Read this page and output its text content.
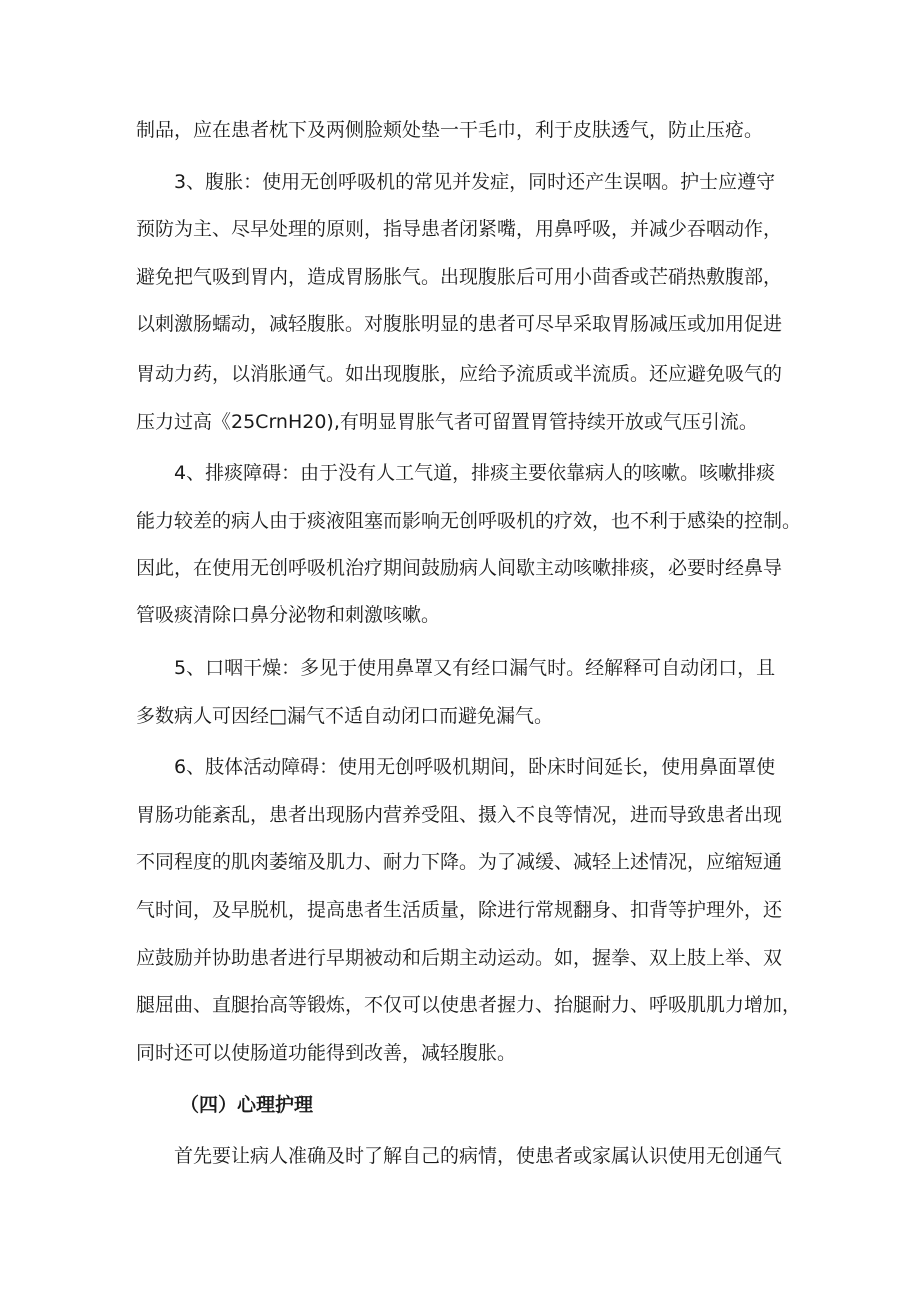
制品，应在患者枕下及两侧脸颊处垫一干毛巾，利于皮肤透气，防止压疮。

3、腹胀：使用无创呼吸机的常见并发症，同时还产生误咽。护士应遵守

预防为主、尽早处理的原则，指导患者闭紧嘴，用鼻呼吸，并减少吞咽动作，

避免把气吸到胃内，造成胃肠胀气。出现腹胀后可用小茴香或芒硝热敷腹部，

以刺激肠蠕动，减轻腹胀。对腹胀明显的患者可尽早采取胃肠减压或加用促进

胃动力药，以消胀通气。如出现腹胀，应给予流质或半流质。还应避免吸气的

压力过高《25CrnH20),有明显胃胀气者可留置胃管持续开放或气压引流。

4、排痰障碍：由于没有人工气道，排痰主要依靠病人的咳嗽。咳嗽排痰

能力较差的病人由于痰液阻塞而影响无创呼吸机的疗效，也不利于感染的控制。

因此，在使用无创呼吸机治疗期间鼓励病人间歇主动咳嗽排痰，必要时经鼻导

管吸痰清除口鼻分泌物和刺激咳嗽。

5、口咽干燥：多见于使用鼻罩又有经口漏气时。经解释可自动闭口，且

多数病人可因经□漏气不适自动闭口而避免漏气。

6、肢体活动障碍：使用无创呼吸机期间，卧床时间延长，使用鼻面罩使

胃肠功能紊乱，患者出现肠内营养受阻、摄入不良等情况，进而导致患者出现

不同程度的肌肉萎缩及肌力、耐力下降。为了减缓、减轻上述情况，应缩短通

气时间，及早脱机，提高患者生活质量，除进行常规翻身、扣背等护理外，还

应鼓励并协助患者进行早期被动和后期主动运动。如，握拳、双上肢上举、双

腿屈曲、直腿抬高等锻炼，不仅可以使患者握力、抬腿耐力、呼吸肌肌力增加，

同时还可以使肠道功能得到改善，减轻腹胀。

（四）心理护理

首先要让病人准确及时了解自己的病情，使患者或家属认识使用无创通气
